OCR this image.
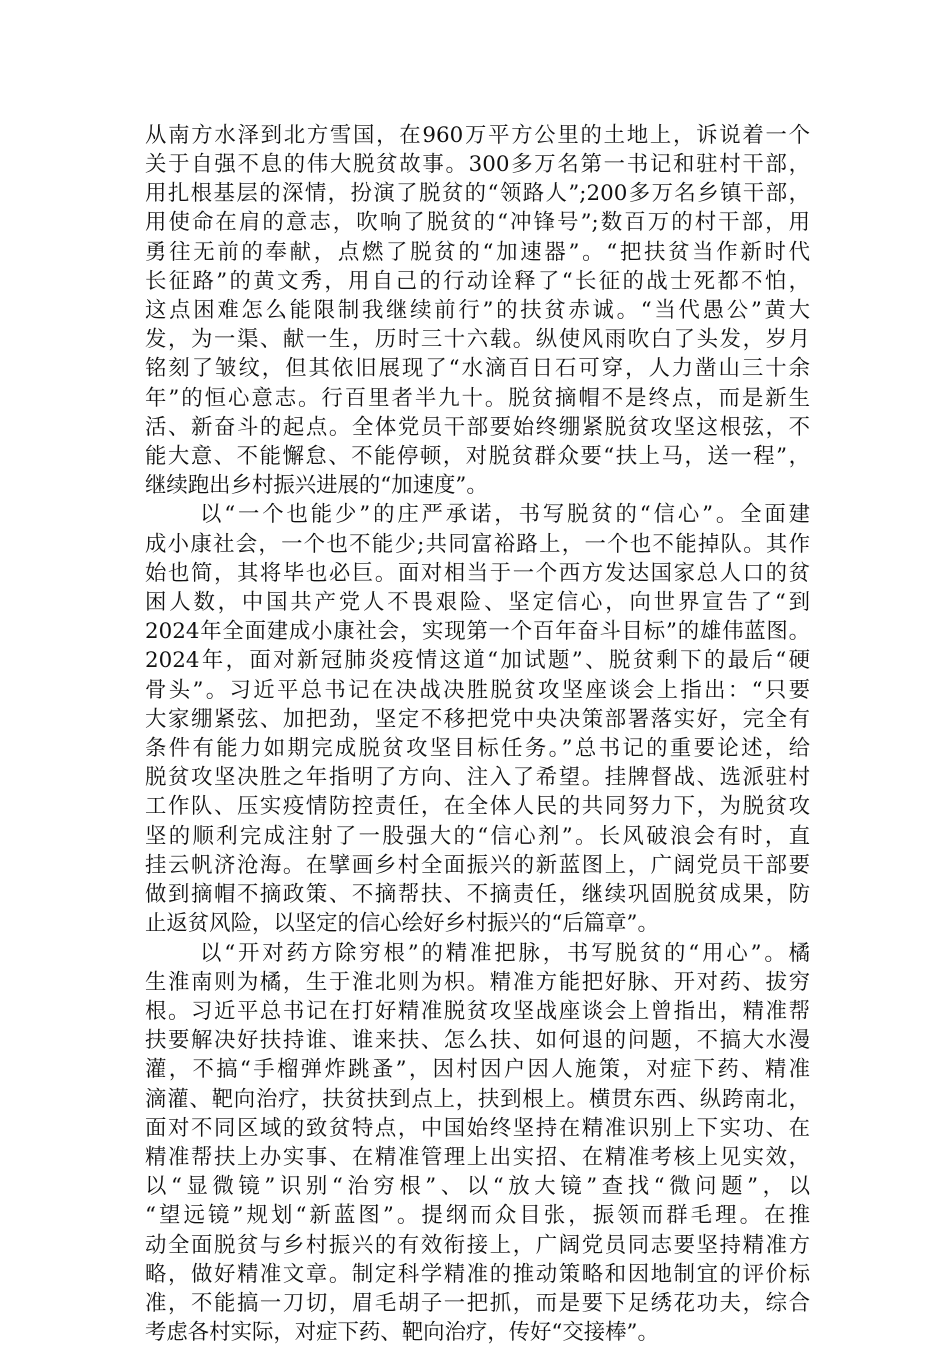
从南方水泽到北方雪国，在960万平方公里的土地上，诉说着一个
关于自强不息的伟大脱贫故事。300多万名第一书记和驻村干部，
用扎根基层的深情，扮演了脱贫的“领路人”;200多万名乡镇干部，
用使命在肩的意志，吹响了脱贫的“冲锋号”;数百万的村干部，用
勇往无前的奉献，点燃了脱贫的“加速器”。“把扶贫当作新时代
长征路”的黄文秀，用自己的行动诠释了“长征的战士死都不怕，
这点困难怎么能限制我继续前行”的扶贫赤诚。“当代愚公”黄大
发，为一渠、献一生，历时三十六载。纵使风雨吹白了头发，岁月
铭刻了皱纹，但其依旧展现了“水滴百日石可穿，人力凿山三十余
年”的恒心意志。行百里者半九十。脱贫摘帽不是终点，而是新生
活、新奋斗的起点。全体党员干部要始终绷紧脱贫攻坚这根弦，不
能大意、不能懈怠、不能停顿，对脱贫群众要“扶上马，送一程”，
继续跑出乡村振兴进展的“加速度”。
以“一个也能少”的庄严承诺，书写脱贫的“信心”。全面建
成小康社会，一个也不能少;共同富裕路上，一个也不能掉队。其作
始也简，其将毕也必巨。面对相当于一个西方发达国家总人口的贫
困人数，中国共产党人不畏艰险、坚定信心，向世界宣告了“到
2024年全面建成小康社会，实现第一个百年奋斗目标”的雄伟蓝图。
2024年，面对新冠肺炎疫情这道“加试题”、脱贫剩下的最后“硬
骨头”。习近平总书记在决战决胜脱贫攻坚座谈会上指出：“只要
大家绷紧弦、加把劲，坚定不移把党中央决策部署落实好，完全有
条件有能力如期完成脱贫攻坚目标任务。”总书记的重要论述，给
脱贫攻坚决胜之年指明了方向、注入了希望。挂牌督战、选派驻村
工作队、压实疫情防控责任，在全体人民的共同努力下，为脱贫攻
坚的顺利完成注射了一股强大的“信心剂”。长风破浪会有时，直
挂云帆济沧海。在擘画乡村全面振兴的新蓝图上，广阔党员干部要
做到摘帽不摘政策、不摘帮扶、不摘责任，继续巩固脱贫成果，防
止返贫风险，以坚定的信心绘好乡村振兴的“后篇章”。
以“开对药方除穷根”的精准把脉，书写脱贫的“用心”。橘
生淮南则为橘，生于淮北则为枳。精准方能把好脉、开对药、拔穷
根。习近平总书记在打好精准脱贫攻坚战座谈会上曾指出，精准帮
扶要解决好扶持谁、谁来扶、怎么扶、如何退的问题，不搞大水漫
灌，不搞“手榴弹炸跳蚤”，因村因户因人施策，对症下药、精准
滴灌、靶向治疗，扶贫扶到点上，扶到根上。横贯东西、纵跨南北，
面对不同区域的致贫特点，中国始终坚持在精准识别上下实功、在
精准帮扶上办实事、在精准管理上出实招、在精准考核上见实效，
以“显微镜”识别“治穷根”、以“放大镜”查找“微问题”，以
“望远镜”规划“新蓝图”。提纲而众目张，振领而群毛理。在推
动全面脱贫与乡村振兴的有效衔接上，广阔党员同志要坚持精准方
略，做好精准文章。制定科学精准的推动策略和因地制宜的评价标
准，不能搞一刀切，眉毛胡子一把抓，而是要下足绣花功夫，综合
考虑各村实际，对症下药、靶向治疗，传好“交接棒”。
